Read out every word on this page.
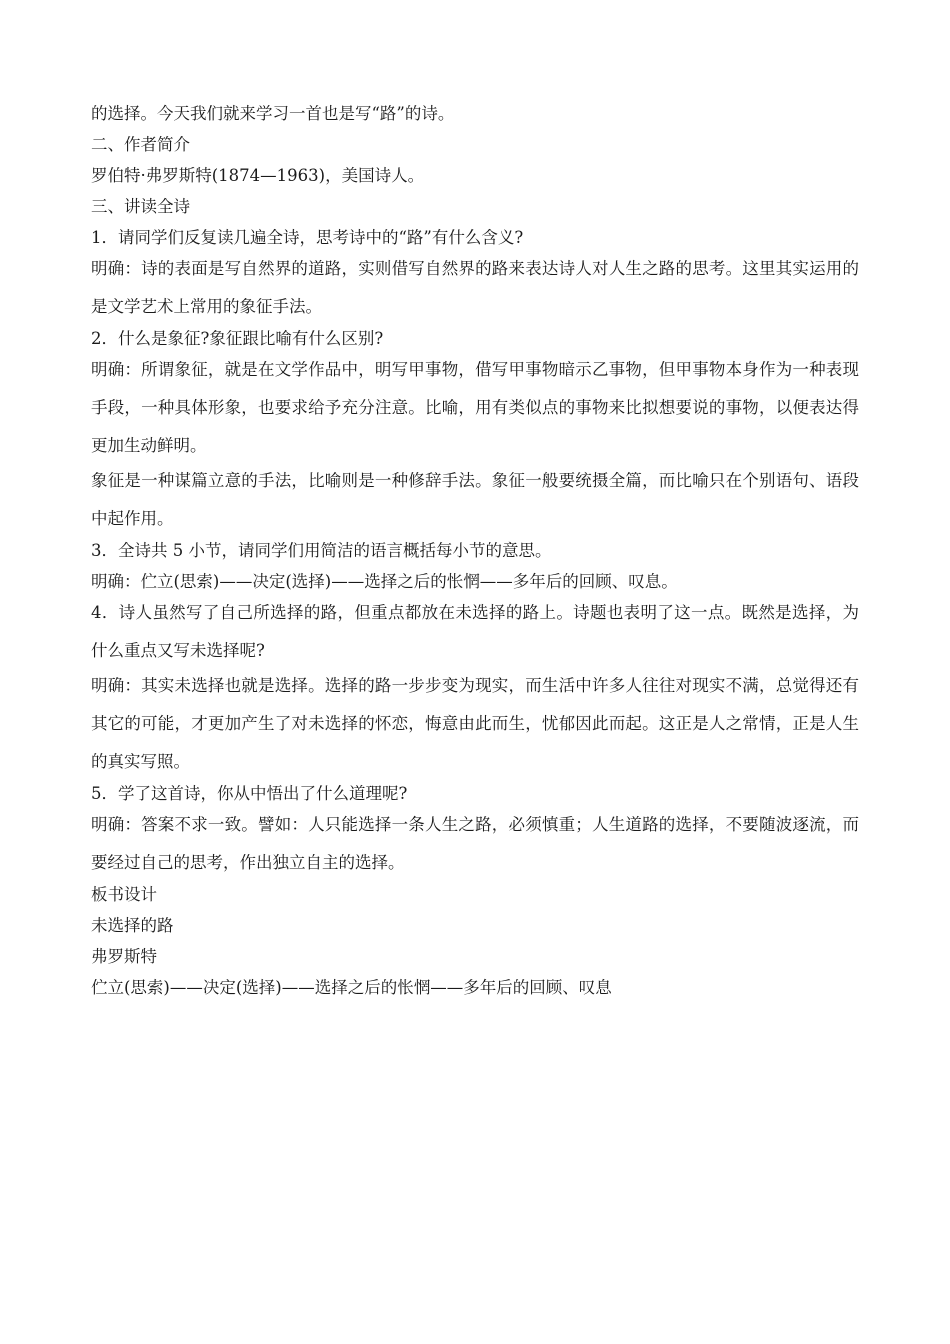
的选择。今天我们就来学习一首也是写“路”的诗。
二、作者简介
罗伯特·弗罗斯特(1874—1963)，美国诗人。
三、讲读全诗
1．请同学们反复读几遍全诗，思考诗中的“路”有什么含义?
明确：诗的表面是写自然界的道路，实则借写自然界的路来表达诗人对人生之路的思考。这里其实运用的是文学艺术上常用的象征手法。
2．什么是象征?象征跟比喻有什么区别?
明确：所谓象征，就是在文学作品中，明写甲事物，借写甲事物暗示乙事物，但甲事物本身作为一种表现手段，一种具体形象，也要求给予充分注意。比喻，用有类似点的事物来比拟想要说的事物，以便表达得更加生动鲜明。
象征是一种谋篇立意的手法，比喻则是一种修辞手法。象征一般要统摄全篇，而比喻只在个别语句、语段中起作用。
3．全诗共 5 小节，请同学们用简洁的语言概括每小节的意思。
明确：伫立(思索)——决定(选择)——选择之后的怅惘——多年后的回顾、叹息。
4．诗人虽然写了自己所选择的路，但重点都放在未选择的路上。诗题也表明了这一点。既然是选择，为什么重点又写未选择呢?
明确：其实未选择也就是选择。选择的路一步步变为现实，而生活中许多人往往对现实不满，总觉得还有其它的可能，才更加产生了对未选择的怀恋，悔意由此而生，忧郁因此而起。这正是人之常情，正是人生的真实写照。
5．学了这首诗，你从中悟出了什么道理呢?
明确：答案不求一致。譬如：人只能选择一条人生之路，必须慎重；人生道路的选择，不要随波逐流，而要经过自己的思考，作出独立自主的选择。
板书设计
未选择的路
弗罗斯特
伫立(思索)——决定(选择)——选择之后的怅惘——多年后的回顾、叹息
